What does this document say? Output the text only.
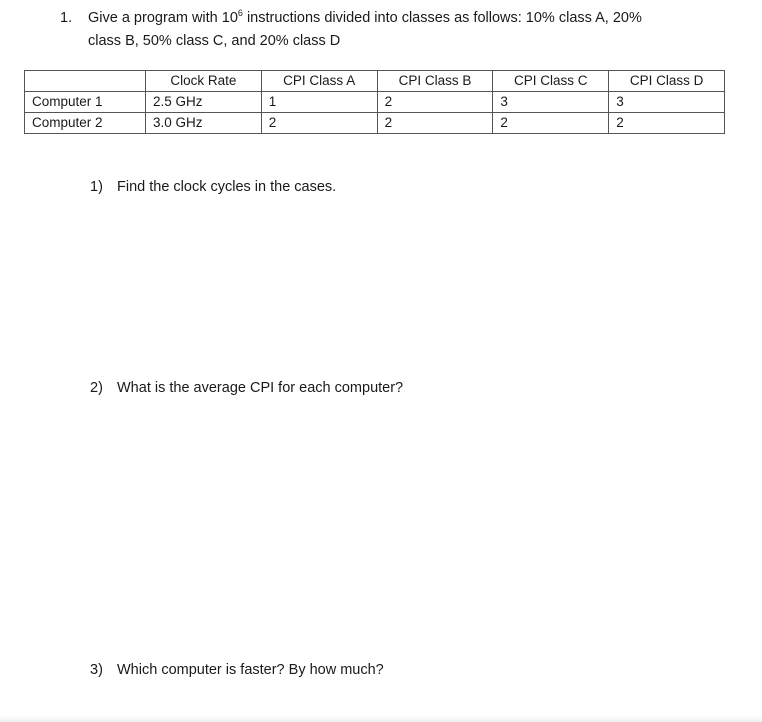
1. Give a program with $10^6$ instructions divided into classes as follows: 10% class A, 20%
class B, 50% class C, and 20% class D
	Clock Rate	CPI Class A	CPI Class B	CPI Class C	CPI Class D
Computer 1	2.5 GHz	1	2	3	3
Computer 2	3.0 GHz	2	2	2	2
1) Find the clock cycles in the cases.
2) What is the average CPI for each computer?
3) Which computer is faster? By how much?
